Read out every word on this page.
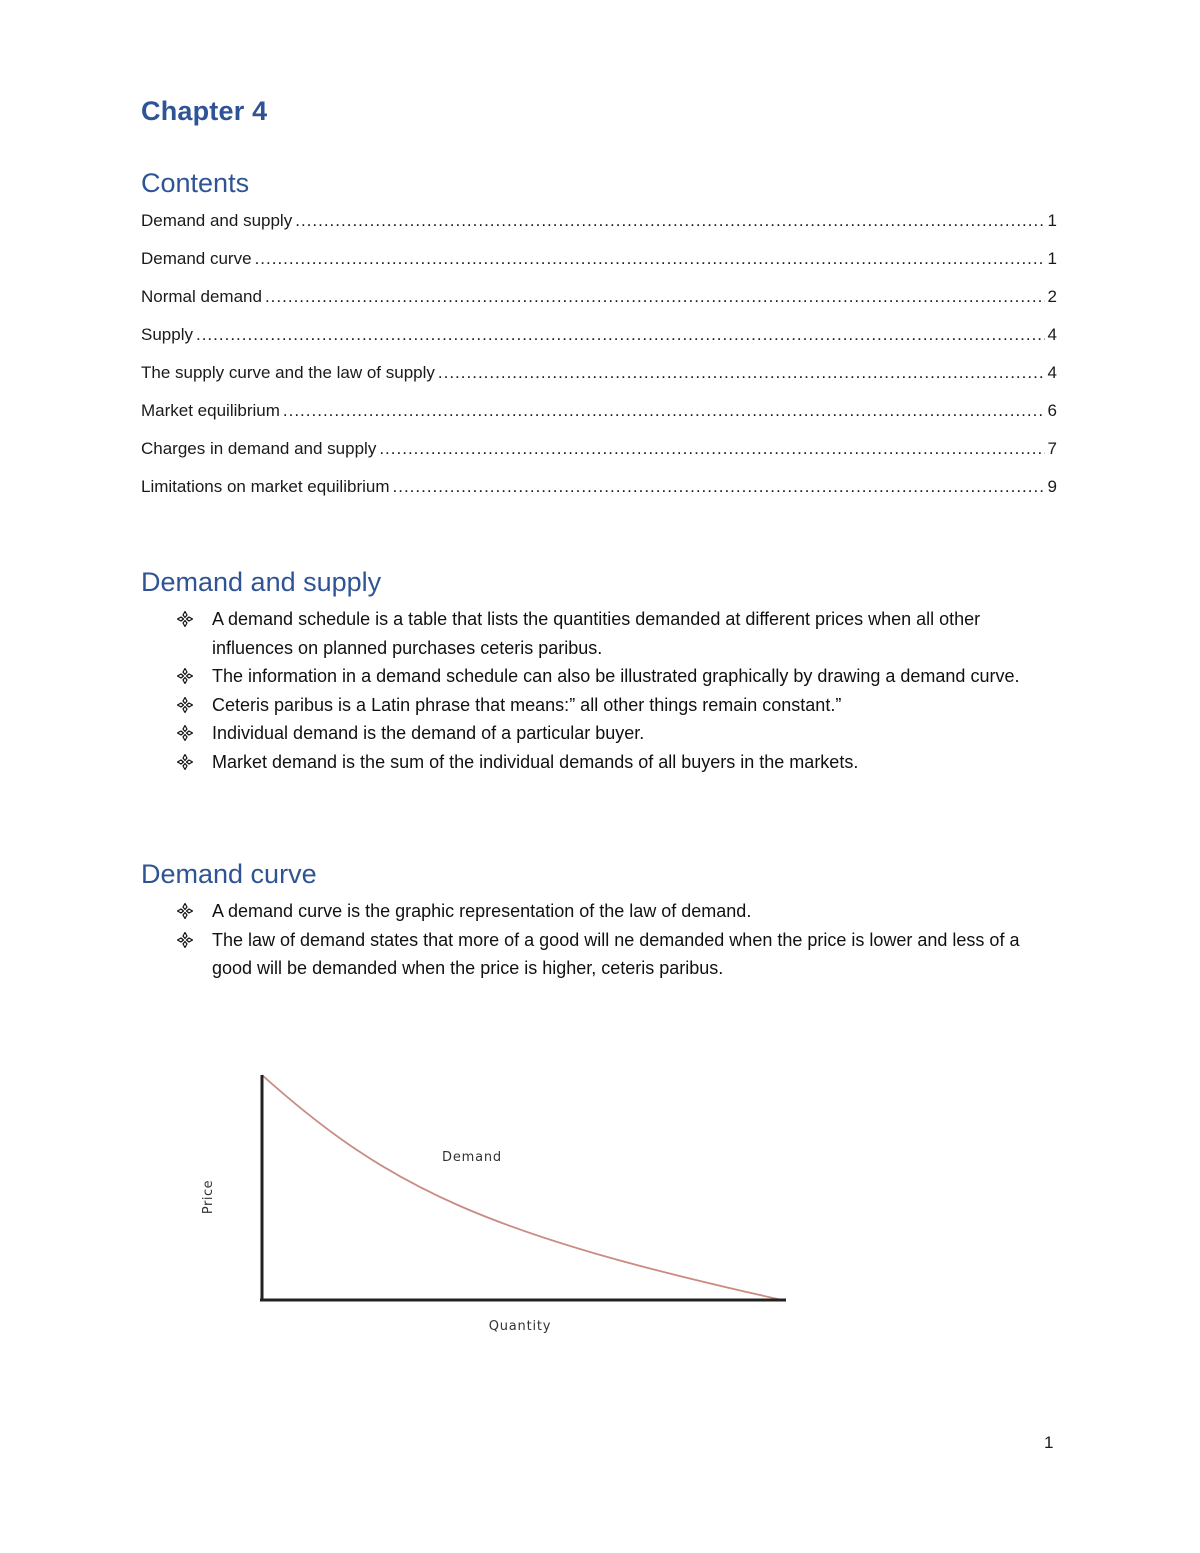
Chapter 4
Contents
Demand and supply .....	1
Demand curve .....	1
Normal demand .....	2
Supply .....	4
The supply curve and the law of supply .....	4
Market equilibrium .....	6
Charges in demand and supply .....	7
Limitations on market equilibrium .....	9
Demand and supply
A demand schedule is a table that lists the quantities demanded at different prices when all other influences on planned purchases ceteris paribus.
The information in a demand schedule can also be illustrated graphically by drawing a demand curve.
Ceteris paribus is a Latin phrase that means:” all other things remain constant.”
Individual demand is the demand of a particular buyer.
Market demand is the sum of the individual demands of all buyers in the markets.
Demand curve
A demand curve is the graphic representation of the law of demand.
The law of demand states that more of a good will ne demanded when the price is lower and less of a good will be demanded when the price is higher, ceteris paribus.
Demand
Quantity
Price
1
